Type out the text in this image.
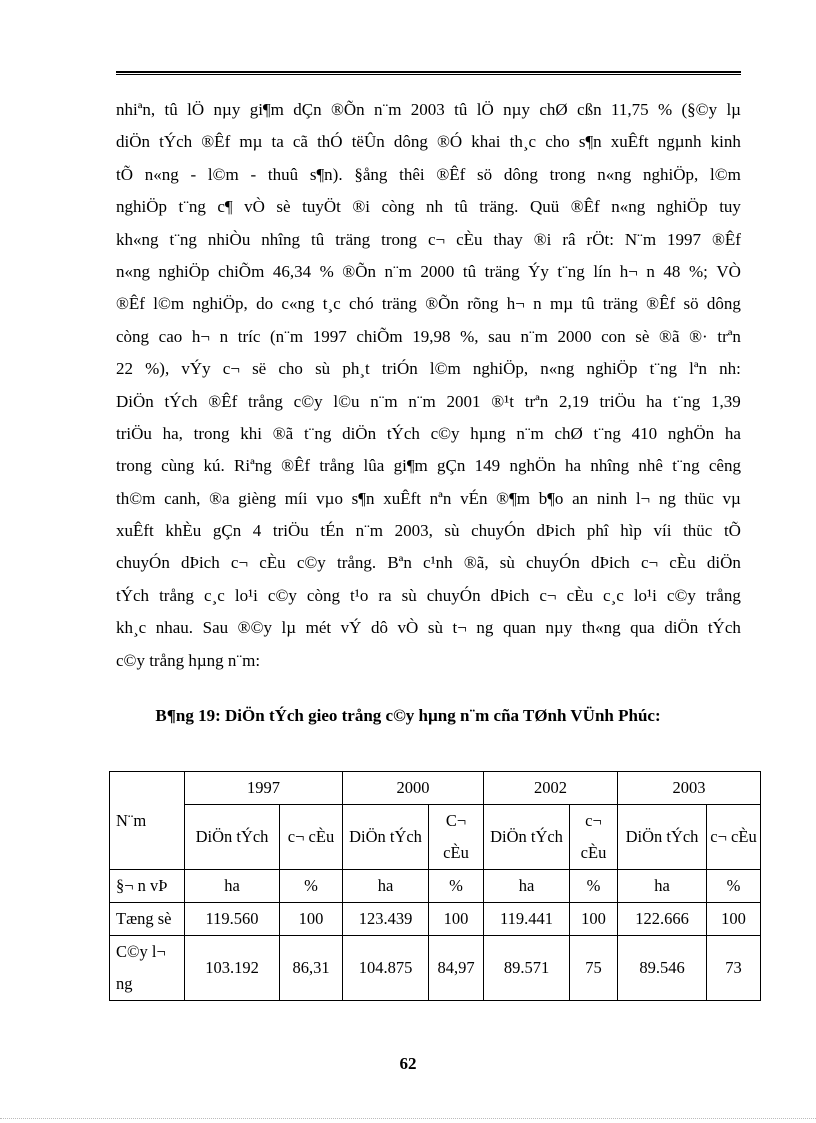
nhiªn, tû lÖ nµy gi¶m dÇn ®Õn n¨m 2003 tû lÖ nµy chØ cßn 11,75 % (§©y lµ
diÖn tÝch ®Êf mµ ta cã thÓ tëÛn dông ®Ó khai th¸c cho s¶n xuÊft ngµnh kinh
tÕ n«ng - l©m - thuû s¶n). §ång thêi ®Êf sö dông trong n«ng nghiÖp, l©m
nghiÖp t¨ng c¶ vÒ sè tuyÖt ®i còng nh tû träng. Quü ®Êf n«ng nghiÖp tuy
kh«ng t¨ng nhiÒu nhîng tû träng trong c¬ cÈu thay ®i râ rÖt: N¨m 1997 ®Êf
n«ng nghiÖp chiÕm 46,34 % ®Õn n¨m 2000 tû träng Ýy t¨ng lín h¬ n 48 %; VÒ
®Êf l©m nghiÖp, do c«ng t¸c chó träng ®Õn rõng h¬ n mµ tû träng ®Êf sö dông
còng cao h¬ n tríc (n¨m 1997 chiÕm 19,98 %, sau n¨m 2000 con sè ®ã ®· trªn
22 %), vÝy c¬ së cho sù ph¸t triÓn l©m nghiÖp, n«ng nghiÖp t¨ng lªn nh:
DiÖn tÝch ®Êf trång c©y l©u n¨m n¨m 2001 ®¹t trªn 2,19 triÖu ha t¨ng 1,39
triÖu ha, trong khi ®ã t¨ng diÖn tÝch c©y hµng n¨m chØ t¨ng 410 nghÖn ha
trong cùng kú. Riªng ®Êf trång lûa gi¶m gÇn 149 nghÖn ha nhîng nhê t¨ng cêng
th©m canh, ®a gièng míi vµo s¶n xuÊft nªn vÉn ®¶m b¶o an ninh l¬ ng thüc vµ
xuÊft khÈu gÇn 4 triÖu tÉn n¨m 2003, sù chuyÓn dÞich phî hìp víi thüc tÕ
chuyÓn dÞich c¬ cÈu c©y trång. Bªn c¹nh ®ã, sù chuyÓn dÞich c¬ cÈu diÖn
tÝch trång c¸c lo¹i c©y còng t¹o ra sù chuyÓn dÞich c¬ cÈu c¸c lo¹i c©y trång
kh¸c nhau. Sau ®©y lµ mét vÝ dô vÒ sù t¬ ng quan nµy th«ng qua diÖn tÝch
c©y trång hµng n¨m:
B¶ng 19: DiÖn tÝch gieo trång c©y hµng n¨m cña TØnh VÜnh Phúc:
N¨m	1997		2000		2002		2003	
	DiÖn tÝch	c¬ cÈu	DiÖn tÝch	C¬ cÈu	DiÖn tÝch	c¬ cÈu	DiÖn tÝch	c¬ cÈu
§¬ n vÞ	ha	%	ha	%	ha	%	ha	%
Tæng sè	119.560	100	123.439	100	119.441	100	122.666	100
C©y l¬ ng	103.192	86,31	104.875	84,97	89.571	75	89.546	73
62
